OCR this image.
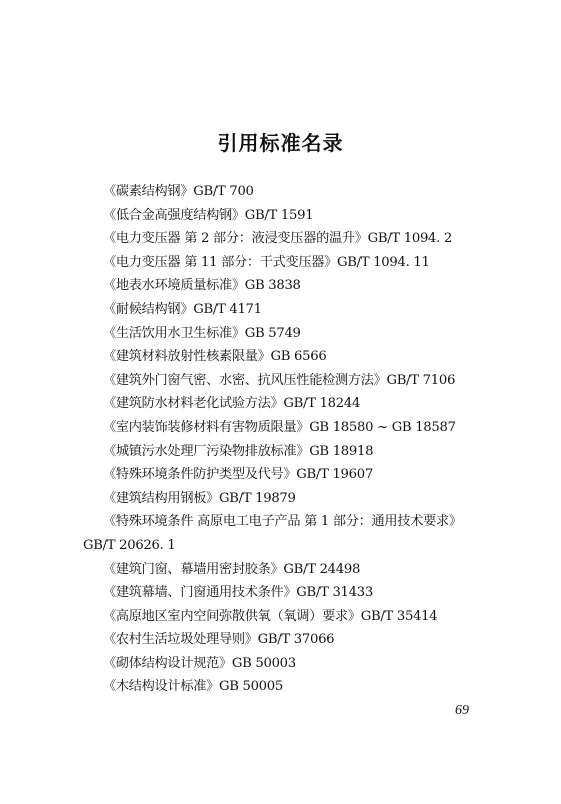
引用标准名录
《碳素结构钢》GB/T 700
《低合金高强度结构钢》GB/T 1591
《电力变压器 第 2 部分：液浸变压器的温升》GB/T 1094. 2
《电力变压器 第 11 部分：干式变压器》GB/T 1094. 11
《地表水环境质量标准》GB 3838
《耐候结构钢》GB/T 4171
《生活饮用水卫生标准》GB 5749
《建筑材料放射性核素限量》GB 6566
《建筑外门窗气密、水密、抗风压性能检测方法》GB/T 7106
《建筑防水材料老化试验方法》GB/T 18244
《室内装饰装修材料有害物质限量》GB 18580 ~ GB 18587
《城镇污水处理厂污染物排放标准》GB 18918
《特殊环境条件防护类型及代号》GB/T 19607
《建筑结构用钢板》GB/T 19879
《特殊环境条件 高原电工电子产品 第 1 部分：通用技术要求》
GB/T 20626. 1
《建筑门窗、幕墙用密封胶条》GB/T 24498
《建筑幕墙、门窗通用技术条件》GB/T 31433
《高原地区室内空间弥散供氧（氧调）要求》GB/T 35414
《农村生活垃圾处理导则》GB/T 37066
《砌体结构设计规范》GB 50003
《木结构设计标准》GB 50005

69
